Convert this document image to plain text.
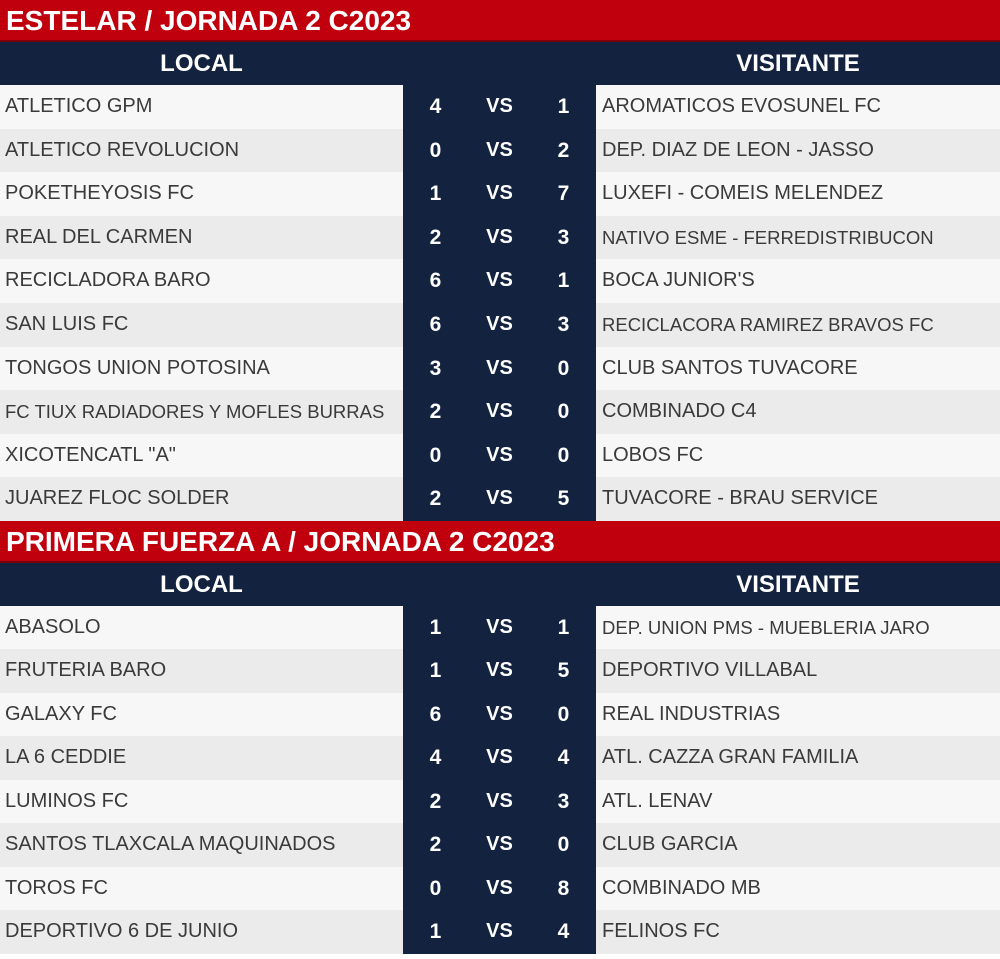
ESTELAR / JORNADA 2 C2023
LOCAL	VISITANTE
ATLETICO GPM	4	VS	1	AROMATICOS EVOSUNEL FC
ATLETICO REVOLUCION	0	VS	2	DEP. DIAZ DE LEON - JASSO
POKETHEYOSIS FC	1	VS	7	LUXEFI - COMEIS MELENDEZ
REAL DEL CARMEN	2	VS	3	NATIVO ESME - FERREDISTRIBUCON
RECICLADORA BARO	6	VS	1	BOCA JUNIOR'S
SAN LUIS FC	6	VS	3	RECICLACORA RAMIREZ BRAVOS FC
TONGOS UNION POTOSINA	3	VS	0	CLUB SANTOS TUVACORE
FC TIUX RADIADORES Y MOFLES BURRAS	2	VS	0	COMBINADO C4
XICOTENCATL "A"	0	VS	0	LOBOS FC
JUAREZ FLOC SOLDER	2	VS	5	TUVACORE - BRAU SERVICE
PRIMERA FUERZA A / JORNADA 2 C2023
LOCAL	VISITANTE
ABASOLO	1	VS	1	DEP. UNION PMS - MUEBLERIA JARO
FRUTERIA BARO	1	VS	5	DEPORTIVO VILLABAL
GALAXY FC	6	VS	0	REAL INDUSTRIAS
LA 6 CEDDIE	4	VS	4	ATL. CAZZA GRAN FAMILIA
LUMINOS FC	2	VS	3	ATL. LENAV
SANTOS TLAXCALA MAQUINADOS	2	VS	0	CLUB GARCIA
TOROS FC	0	VS	8	COMBINADO MB
DEPORTIVO 6 DE JUNIO	1	VS	4	FELINOS FC
